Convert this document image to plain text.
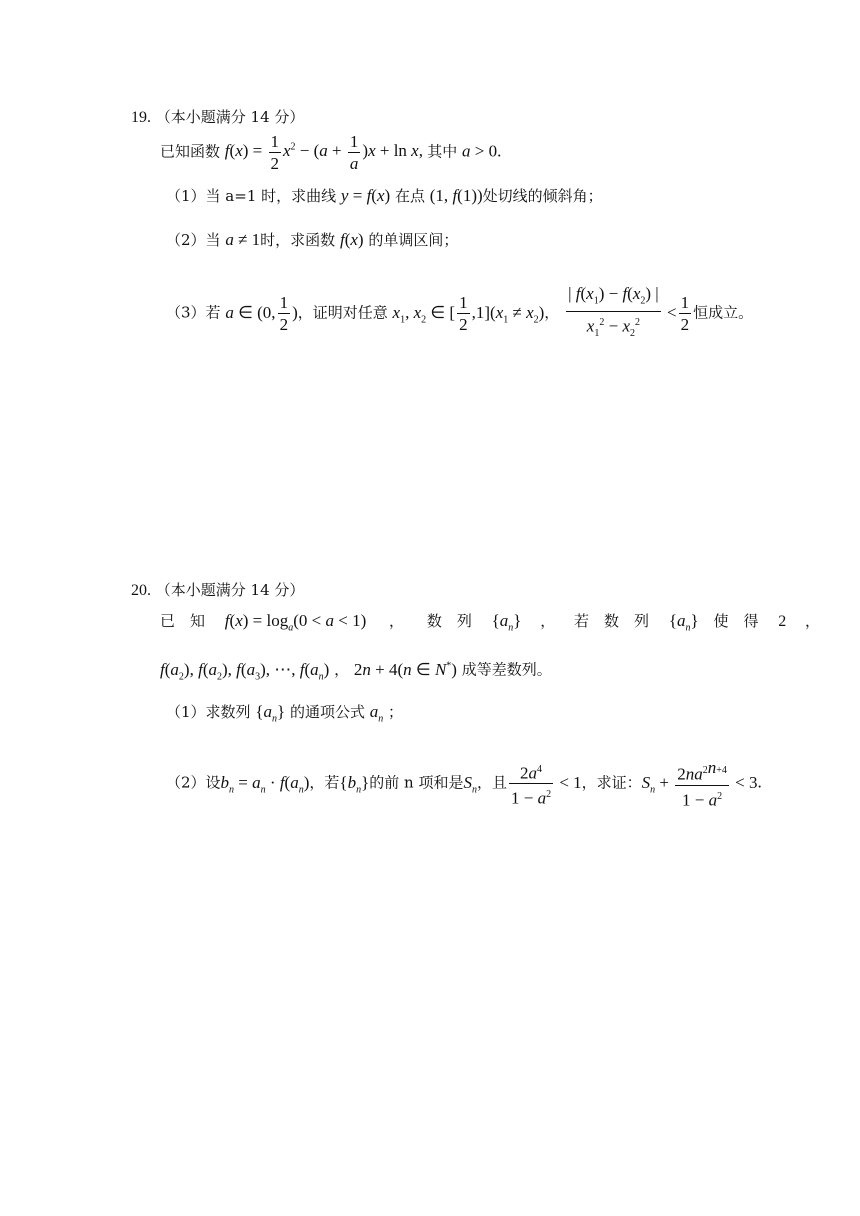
19. （本小题满分 14 分）
已知函数 $f(x) = \frac{1}{2} x^2 - (a + \frac{1}{a} )x + \ln x$, 其中 a > 0.
（1）当 a=1 时，求曲线 y = f(x) 在点 (1, f(1))处切线的倾斜角；
（2）当 a ≠ 1时，求函数 f(x) 的单调区间；
（3）若 a ∈ (0, $\frac{1}{2}$ )，证明对任意 $x_1$, $x_2$ ∈ [ $\frac{1}{2} ,1](x_1 \ne x_2)$， $\frac{| f(x_1) - f(x_2) |}{x_1^2 - x_2^2} < \frac{1}{2}$ 恒成立。
20. （本小题满分 14 分）
已知 $f(x) = \log_a(0 < a < 1)$ ， 数列 $\{a_n\}$ ， 若数列 $\{a_n\}$ 使得 2 ，
$f(a_2)$, $f(a_2)$, $f(a_3)$, ⋯, $f(a_n)$ ， 2n + 4(n ∈ N*) 成等差数列。
（1）求数列 $\{a_n\}$ 的通项公式 $a_n$ ；
（2）设$b_n = a_n \cdot f(a_n)$，若$\{b_n\}$的前 n 项和是$S_n$，且 $\frac{2a^4}{1 - a^2} < 1$，求证：$S_n + \frac{2na^{2n+4}}{1 - a^2} < 3$.
